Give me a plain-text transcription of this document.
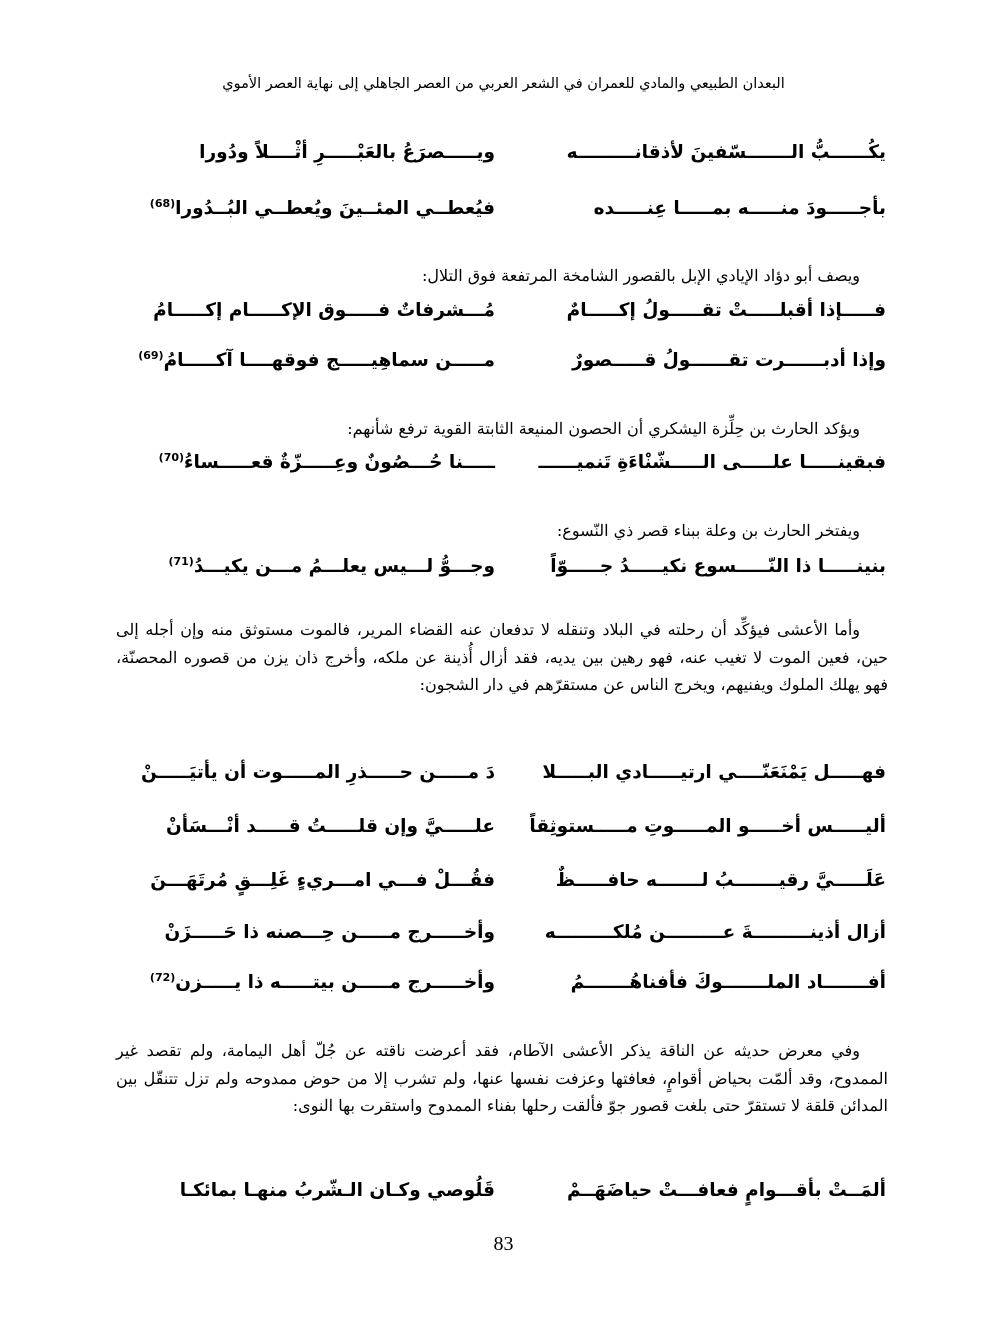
البعدان الطبيعي والمادي للعمران في الشعر العربي من العصر الجاهلي إلى نهاية العصر الأموي
يكُــــــبُّ الـــــــسّفينَ لأذقانـــــــــه
ويـــــصرَعُ بالعَبْـــــرِ أثْــــلاً ودُورا
بأجـــــودَ منـــــه بمـــــا عِنـــــده
فيُعطــي المئــينَ ويُعطــي البُــدُورا$^{(68)}$
ويصف أبو دؤاد الإيادي الإبل بالقصور الشامخة المرتفعة فوق التلال:
فـــــإذا أقبلـــــتْ تقـــــولُ إكـــــامٌ
مُـــشرفاتٌ فـــــوق الإكـــــام إكـــــامُ
وإذا أدبــــــرت تقــــــولُ قـــــصورٌ
مـــــن سماهِيـــــج فوقهــــا آكـــــامُ$^{(69)}$
ويؤكد الحارث بن حِلِّزة اليشكري أن الحصون المنيعة الثابتة القوية ترفع شأنهم:
فبقينـــــا علـــــى الـــــشّنْاءَةِ تَنميــــــ
ـــــنا حُـــصُونٌ وعِـــــزّةٌ قعـــــساءُ$^{(70)}$
ويفتخر الحارث بن وعلة ببناء قصر ذي النّسوع:
بنينـــــا ذا النّـــــسوع نكيـــــدُ جـــــوّاً
وجـــوُّ لـــيس يعلـــمُ مـــن يكيـــدُ$^{(71)}$
وأما الأعشى فيؤكِّد أن رحلته في البلاد وتنقله لا تدفعان عنه القضاء المرير، فالموت مستوثق منه وإن أجله إلى حين، فعين الموت لا تغيب عنه، فهو رهين بين يديه، فقد أزال أُذينة عن ملكه، وأخرج ذان يزن من قصوره المحصنّة، فهو يهلك الملوك ويفنيهم، ويخرج الناس عن مستقرّهم في دار الشجون:
فهـــــل يَمْنَعَنّــــي ارتيـــــادي البـــــلا
دَ مـــــن حـــــذرِ المـــــوت أن يأتيَـــــنْ
أليـــــس أخـــــو المـــــوتِ مـــــستوثِقاً
علـــــيَّ وإن قلـــــتُ قـــــد أنْـــسَأنْ
عَلَـــــيَّ رقيـــــــبُ لـــــــه حافـــــظٌ
فقُـــلْ فـــي امـــريءٍ غَلِـــقٍ مُرتَهَـــنَ
أزال أذينـــــــــةَ عـــــــــن مُلكـــــــــه
وأخـــــرج مـــــن حِـــصنه ذا حَـــــزَنْ
أفـــــــاد الملـــــــوكَ فأفناهُـــــــمُ
وأخـــــرج مـــــن بيتـــــه ذا يـــــزن$^{(72)}$
وفي معرض حديثه عن الناقة يذكر الأعشى الآطام، فقد أعرضت ناقته عن جُلّ أهل اليمامة، ولم تقصد غير الممدوح، وقد ألمّت بحياض أقوامٍ، فعافتها وعزفت نفسها عنها، ولم تشرب إلا من حوض ممدوحه ولم تزل تتنقّل بين المدائن قلقة لا تستقرّ حتى بلغت قصور جوّ فألقت رحلها بفناء الممدوح واستقرت بها النوى:
ألمَــتْ بأقـــوامٍ فعافـــتْ حياضَهَــمْ
قَلُوصي وكـان الـشّربُ منهـا بمائكـا
83
